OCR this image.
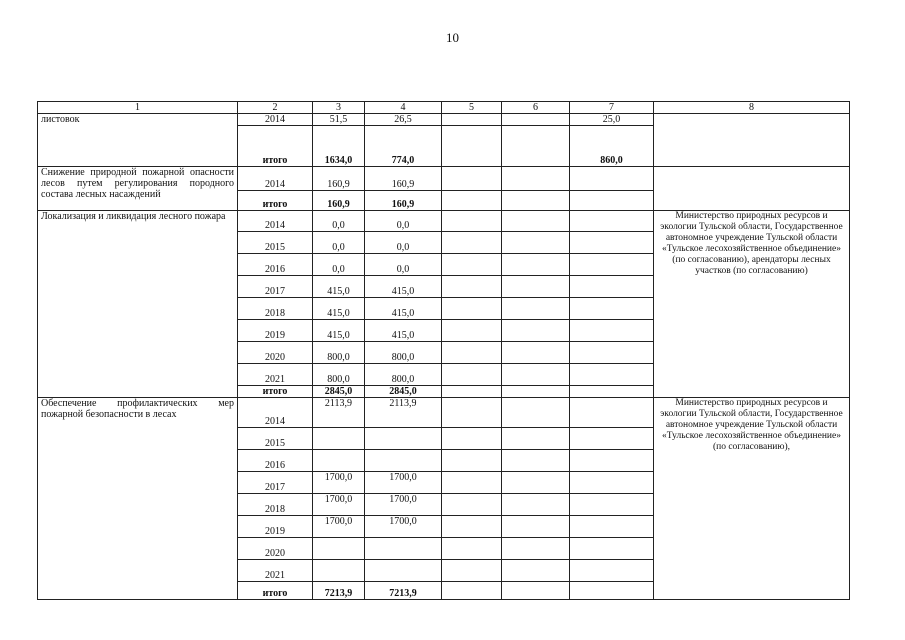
10
1	2	3	4	5	6	7	8
листовок	2014	51,5	26,5			25,0	
	итого	1634,0	774,0			860,0	
Снижение природной пожарной опасности лесов путем регулирования породного состава лесных насаждений	2014	160,9	160,9				
	итого	160,9	160,9				
Локализация и ликвидация лесного пожара	2014	0,0	0,0				Министерство природных ресурсов и экологии Тульской области, Государственное автономное учреждение Тульской области «Тульское лесохозяйственное объединение» (по согласованию), арендаторы лесных участков (по согласованию)
	2015	0,0	0,0				
	2016	0,0	0,0				
	2017	415,0	415,0				
	2018	415,0	415,0				
	2019	415,0	415,0				
	2020	800,0	800,0				
	2021	800,0	800,0				
	итого	2845,0	2845,0				
Обеспечение профилактических мер пожарной безопасности в лесах	2014	2113,9	2113,9				Министерство природных ресурсов и экологии Тульской области, Государственное автономное учреждение Тульской области «Тульское лесохозяйственное объединение» (по согласованию),
	2015						
	2016						
	2017	1700,0	1700,0				
	2018	1700,0	1700,0				
	2019	1700,0	1700,0				
	2020						
	2021						
	итого	7213,9	7213,9				
